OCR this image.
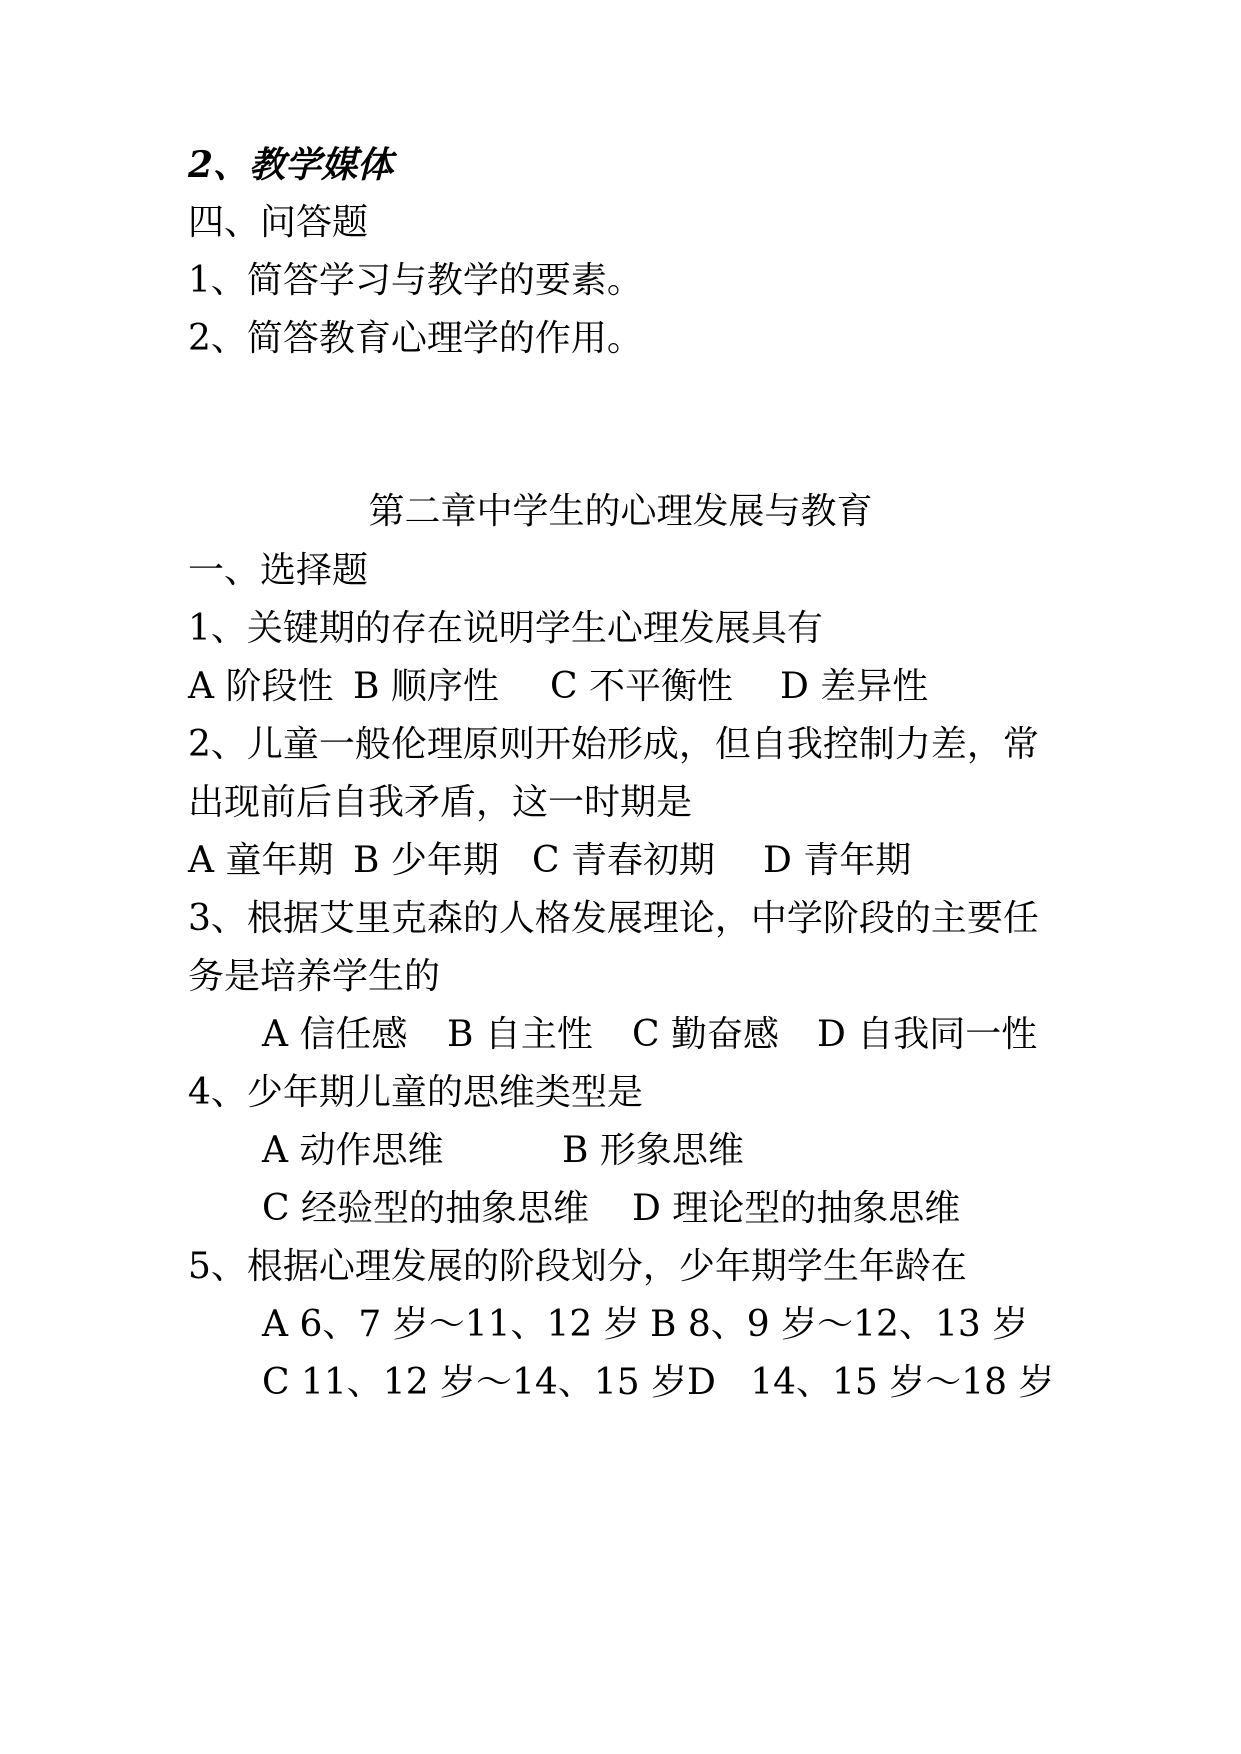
2、教学媒体

四、问答题

1、简答学习与教学的要素。

2、简答教育心理学的作用。

第二章中学生的心理发展与教育

一、选择题

1、关键期的存在说明学生心理发展具有

A 阶段性 B 顺序性 C 不平衡性 D 差异性

2、儿童一般伦理原则开始形成，但自我控制力差，常

出现前后自我矛盾，这一时期是

A 童年期 B 少年期 C 青春初期 D 青年期

3、根据艾里克森的人格发展理论，中学阶段的主要任

务是培养学生的

A 信任感 B 自主性 C 勤奋感 D 自我同一性

4、少年期儿童的思维类型是

A 动作思维	B 形象思维
C 经验型的抽象思维 D 理论型的抽象思维

5、根据心理发展的阶段划分，少年期学生年龄在

A 6、7 岁～11、12 岁 B 8、9 岁～12、13 岁
C 11、12 岁～14、15 岁 D   14、15 岁～18 岁
